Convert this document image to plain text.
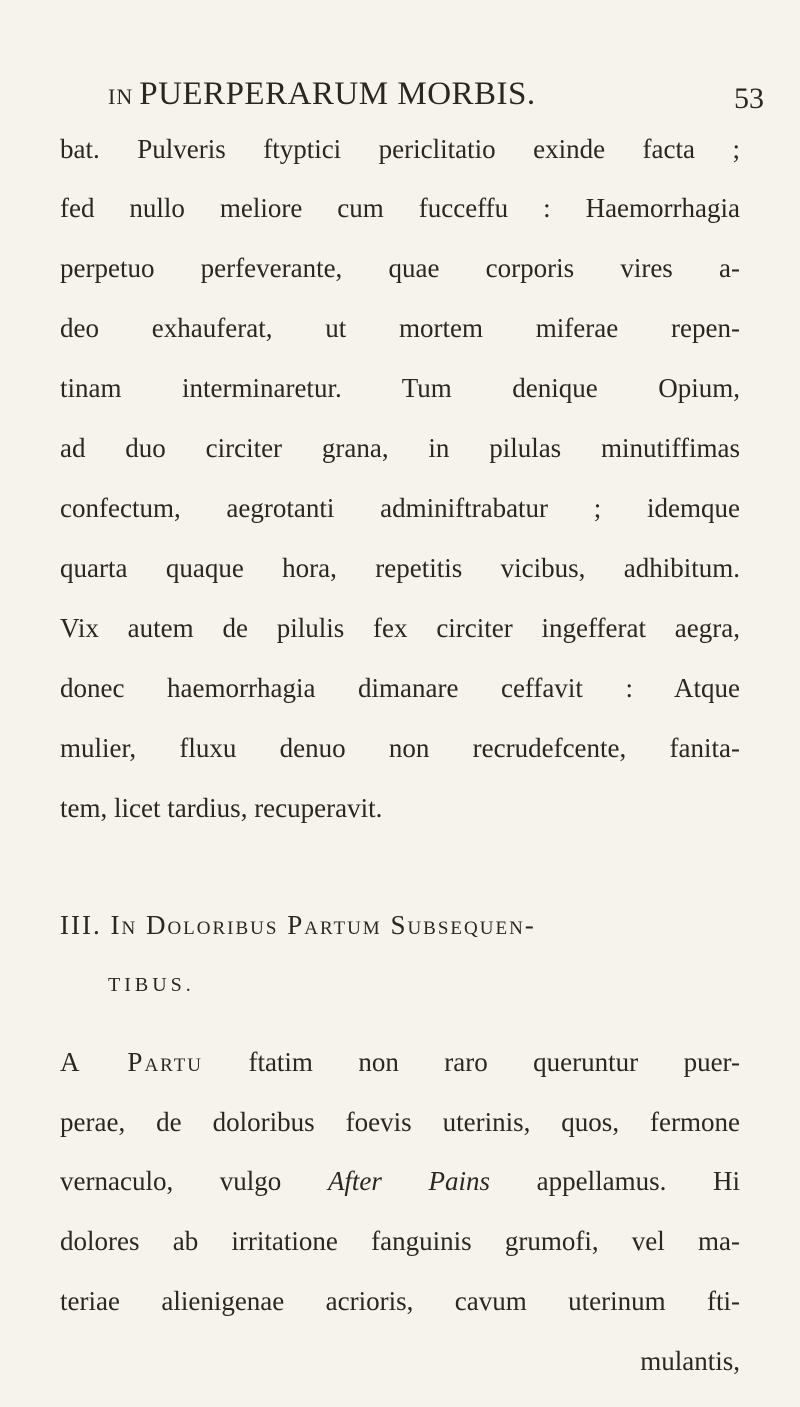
IN PUERPERARUM MORBIS.	53
bat. Pulveris ftyptici periclitatio exinde facta ;
fed nullo meliore cum fucceffu : Haemorrhagia
perpetuo perfeverante, quae corporis vires a-
deo exhauferat, ut mortem miferae repen-
tinam interminaretur. Tum denique Opium,
ad duo circiter grana, in pilulas minutiffimas
confectum, aegrotanti adminiftrabatur ; idemque
quarta quaque hora, repetitis vicibus, adhibitum.
Vix autem de pilulis fex circiter ingefferat aegra,
donec haemorrhagia dimanare ceffavit : Atque
mulier, fluxu denuo non recrudefcente, fanita-
tem, licet tardius, recuperavit.
III. In Doloribus Partum Subsequen-
TIBUS.
A Partu ftatim non raro queruntur puer-
perae, de doloribus foevis uterinis, quos, fermone
vernaculo, vulgo After Pains appellamus. Hi
dolores ab irritatione fanguinis grumofi, vel ma-
teriae alienigenae acrioris, cavum uterinum fti-
mulantis,
